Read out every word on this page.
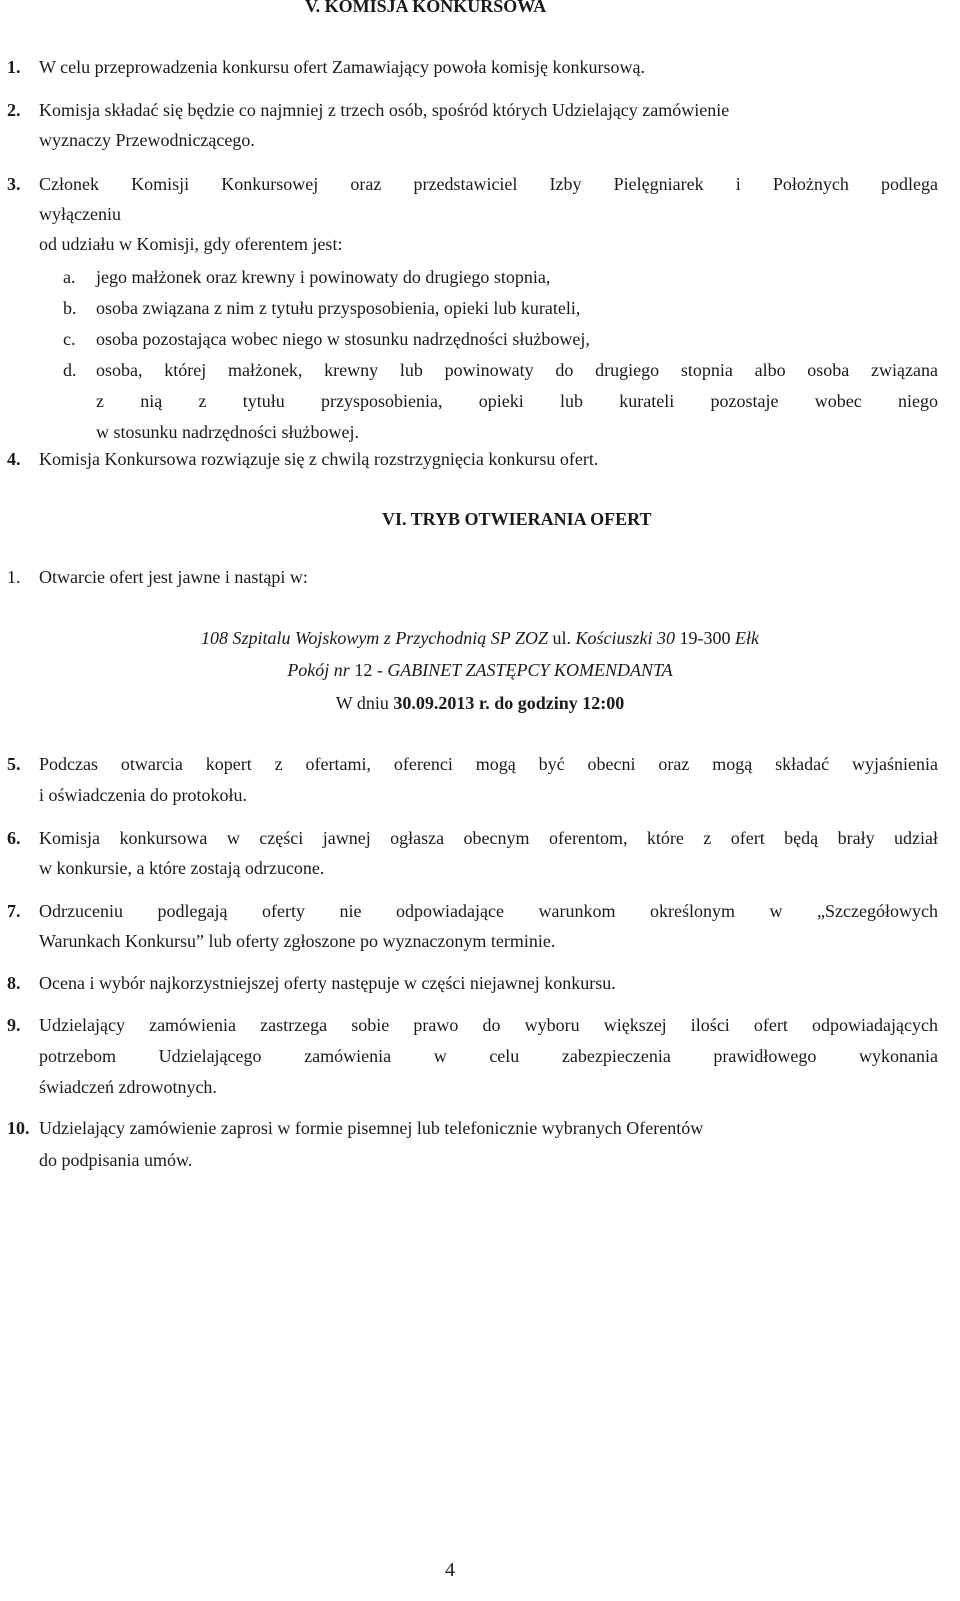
V. KOMISJA KONKURSOWA
1. W celu przeprowadzenia konkursu ofert Zamawiający powoła komisję konkursową.
2. Komisja składać się będzie co najmniej z trzech osób, spośród których Udzielający zamówienie
wyznaczy Przewodniczącego.
3. Członek Komisji Konkursowej oraz przedstawiciel Izby Pielęgniarek i Położnych podlega
wyłączeniu
od udziału w Komisji, gdy oferentem jest:
a. jego małżonek oraz krewny i powinowaty do drugiego stopnia,
b. osoba związana z nim z tytułu przysposobienia, opieki lub kurateli,
c. osoba pozostająca wobec niego w stosunku nadrzędności służbowej,
d. osoba, której małżonek, krewny lub powinowaty do drugiego stopnia albo osoba związana
z nią z tytułu przysposobienia, opieki lub kurateli pozostaje wobec niego
w stosunku nadrzędności służbowej.
4. Komisja Konkursowa rozwiązuje się z chwilą rozstrzygnięcia konkursu ofert.
VI. TRYB OTWIERANIA OFERT
1. Otwarcie ofert jest jawne i nastąpi w:
108 Szpitalu Wojskowym z Przychodnią SP ZOZ ul. Kościuszki 30 19-300 Ełk
Pokój nr 12 - GABINET ZASTĘPCY KOMENDANTA
W dniu 30.09.2013 r. do godziny 12:00
5. Podczas otwarcia kopert z ofertami, oferenci mogą być obecni oraz mogą składać wyjaśnienia
i oświadczenia do protokołu.
6. Komisja konkursowa w części jawnej ogłasza obecnym oferentom, które z ofert będą brały udział
w konkursie, a które zostają odrzucone.
7. Odrzuceniu podlegają oferty nie odpowiadające warunkom określonym w „Szczegółowych
Warunkach Konkursu” lub oferty zgłoszone po wyznaczonym terminie.
8. Ocena i wybór najkorzystniejszej oferty następuje w części niejawnej konkursu.
9. Udzielający zamówienia zastrzega sobie prawo do wyboru większej ilości ofert odpowiadających
potrzebom Udzielającego zamówienia w celu zabezpieczenia prawidłowego wykonania
świadczeń zdrowotnych.
10. Udzielający zamówienie zaprosi w formie pisemnej lub telefonicznie wybranych Oferentów
do podpisania umów.
4
